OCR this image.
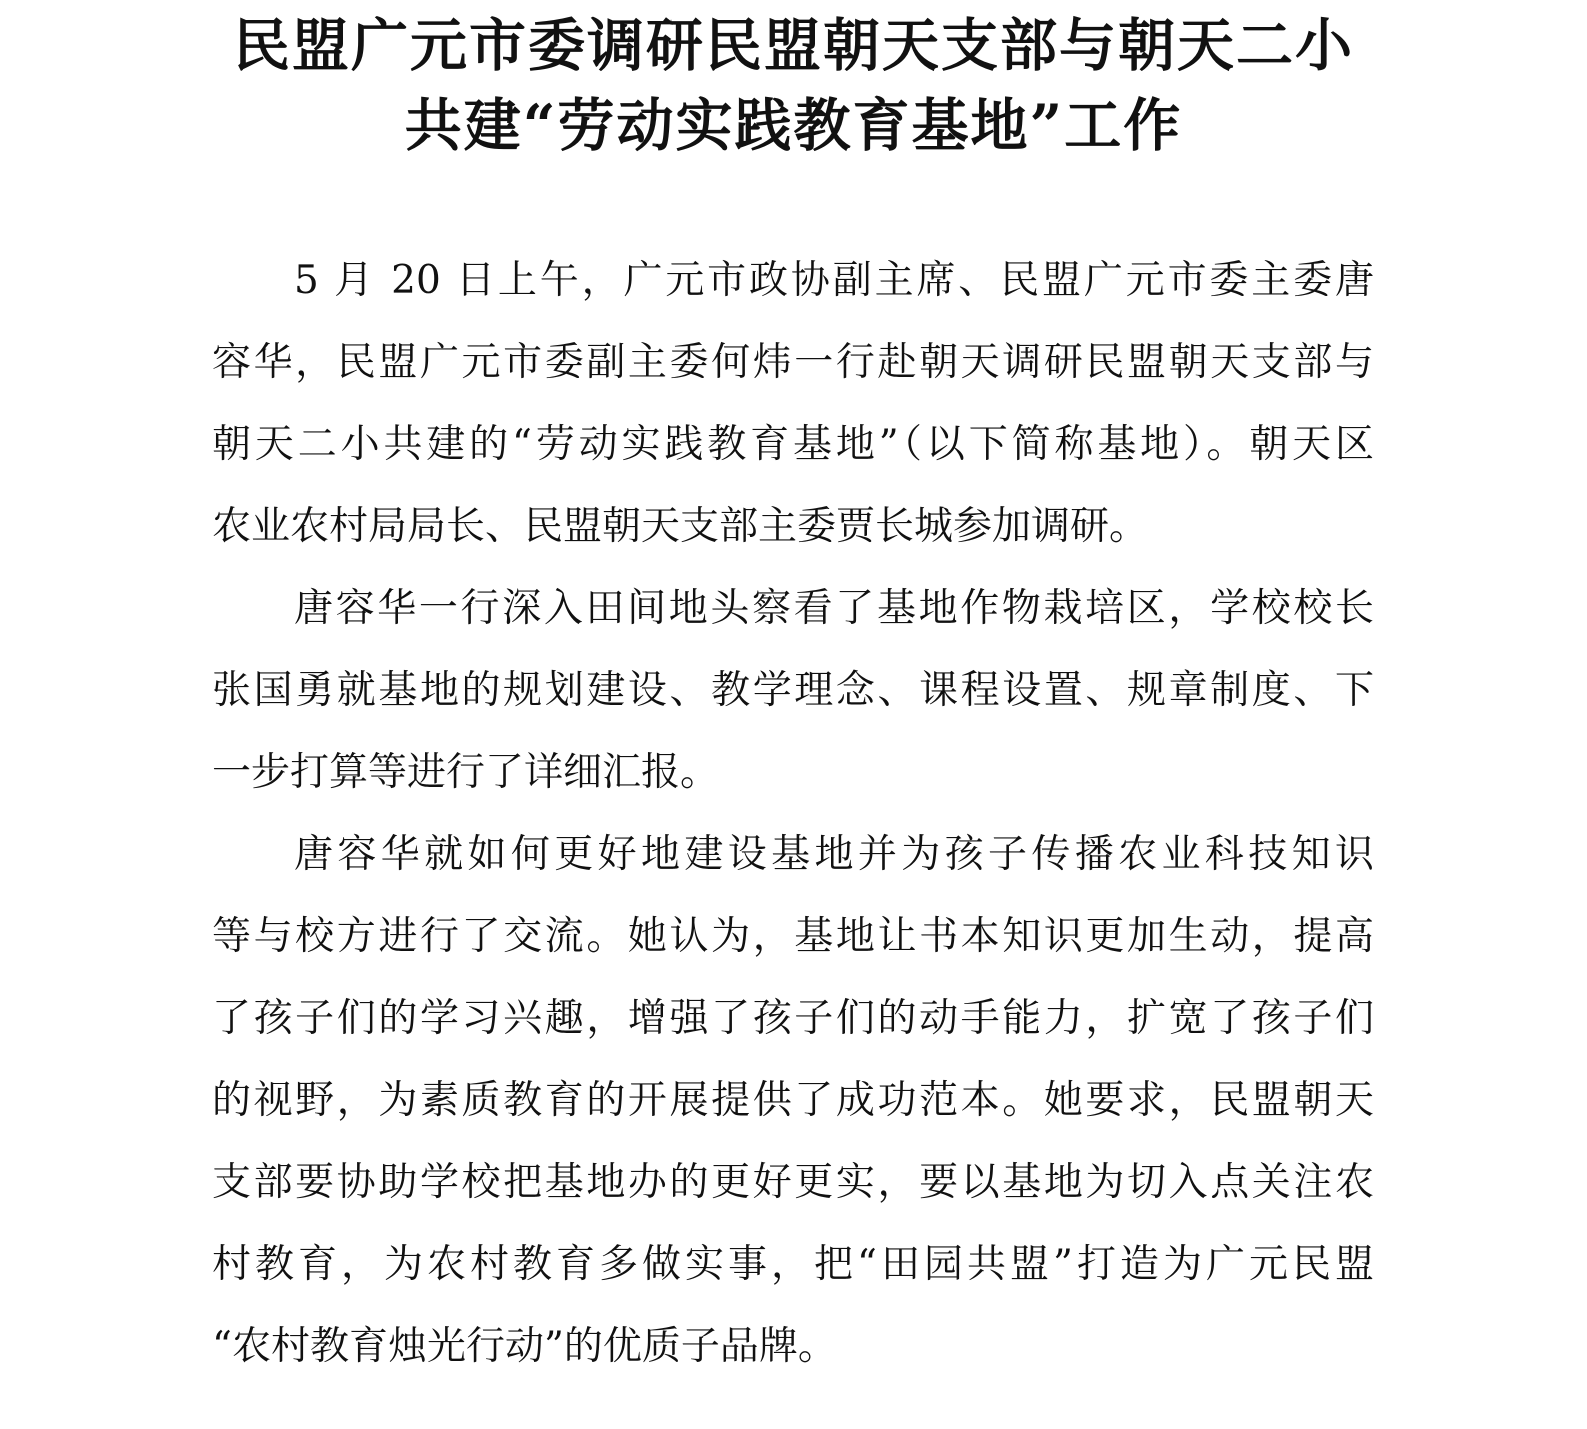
民盟广元市委调研民盟朝天支部与朝天二小
共建“劳动实践教育基地”工作
5 月 20 日上午，广元市政协副主席、民盟广元市委主委唐
容华，民盟广元市委副主委何炜一行赴朝天调研民盟朝天支部与
朝天二小共建的“劳动实践教育基地”（以下简称基地）。朝天区
农业农村局局长、民盟朝天支部主委贾长城参加调研。
唐容华一行深入田间地头察看了基地作物栽培区，学校校长
张国勇就基地的规划建设、教学理念、课程设置、规章制度、下
一步打算等进行了详细汇报。
唐容华就如何更好地建设基地并为孩子传播农业科技知识
等与校方进行了交流。她认为，基地让书本知识更加生动，提高
了孩子们的学习兴趣，增强了孩子们的动手能力，扩宽了孩子们
的视野，为素质教育的开展提供了成功范本。她要求，民盟朝天
支部要协助学校把基地办的更好更实，要以基地为切入点关注农
村教育，为农村教育多做实事，把“田园共盟”打造为广元民盟
“农村教育烛光行动”的优质子品牌。
